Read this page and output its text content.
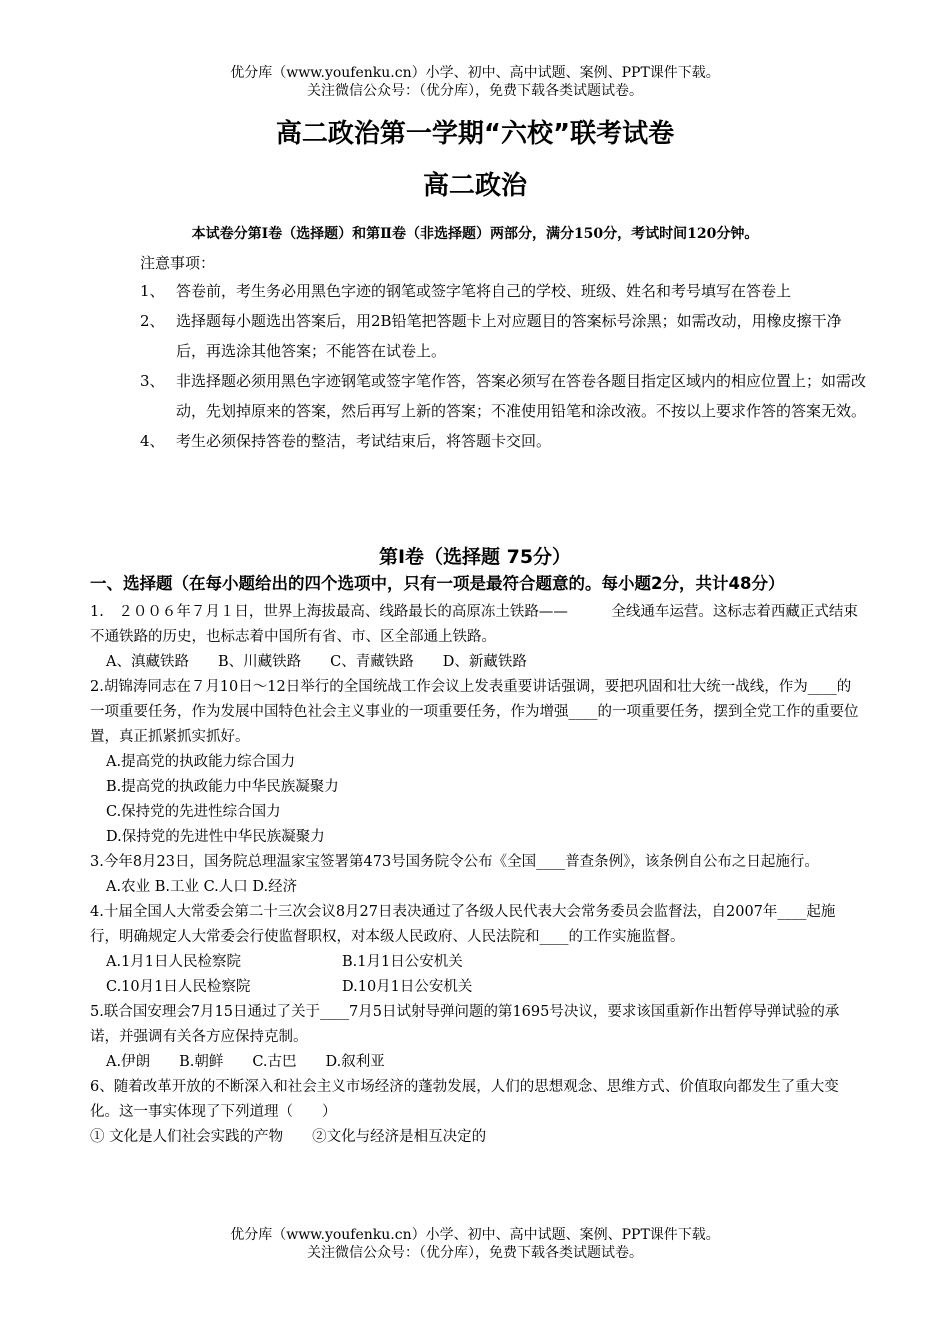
优分库（www.youfenku.cn）小学、初中、高中试题、案例、PPT课件下载。
关注微信公众号：（优分库），免费下载各类试题试卷。
高二政治第一学期“六校”联考试卷
高二政治
本试卷分第Ⅰ卷（选择题）和第Ⅱ卷（非选择题）两部分，满分150分，考试时间120分钟。
注意事项：

1、 答卷前，考生务必用黑色字迹的钢笔或签字笔将自己的学校、班级、姓名和考号填写在答卷上

2、 选择题每小题选出答案后，用2B铅笔把答题卡上对应题目的答案标号涂黑；如需改动，用橡皮擦干净后，再选涂其他答案；不能答在试卷上。

3、 非选择题必须用黑色字迹钢笔或签字笔作答，答案必须写在答卷各题目指定区域内的相应位置上；如需改动，先划掉原来的答案，然后再写上新的答案；不准使用铅笔和涂改液。不按以上要求作答的答案无效。

4、 考生必须保持答卷的整洁，考试结束后，将答题卡交回。

第Ⅰ卷（选择题 75分）

一、选择题（在每小题给出的四个选项中，只有一项是最符合题意的。每小题2分，共计48分）

1.　２００６年７月１日，世界上海拔最高、线路最长的高原冻土铁路——　　　全线通车运营。这标志着西藏正式结束不通铁路的历史，也标志着中国所有省、市、区全部通上铁路。

A、滇藏铁路　　B、川藏铁路　　C、青藏铁路　　D、新藏铁路

2.胡锦涛同志在７月10日～12日举行的全国统战工作会议上发表重要讲话强调，要把巩固和壮大统一战线，作为____的一项重要任务，作为发展中国特色社会主义事业的一项重要任务，作为增强____的一项重要任务，摆到全党工作的重要位置，真正抓紧抓实抓好。

A.提高党的执政能力综合国力

B.提高党的执政能力中华民族凝聚力

C.保持党的先进性综合国力

D.保持党的先进性中华民族凝聚力

3.今年8月23日，国务院总理温家宝签署第473号国务院令公布《全国____普查条例》，该条例自公布之日起施行。

A.农业 B.工业 C.人口 D.经济

4.十届全国人大常委会第二十三次会议8月27日表决通过了各级人民代表大会常务委员会监督法，自2007年____起施行，明确规定人大常委会行使监督职权，对本级人民政府、人民法院和____的工作实施监督。

A.1月1日人民检察院	B.1月1日公安机关
C.10月1日人民检察院	D.10月1日公安机关

5.联合国安理会7月15日通过了关于____7月5日试射导弹问题的第1695号决议，要求该国重新作出暂停导弹试验的承诺，并强调有关各方应保持克制。

A.伊朗　　B.朝鲜　　C.古巴　　D.叙利亚

6、随着改革开放的不断深入和社会主义市场经济的蓬勃发展，人们的思想观念、思维方式、价值取向都发生了重大变化。这一事实体现了下列道理（　　）

① 文化是人们社会实践的产物　　②文化与经济是相互决定的

优分库（www.youfenku.cn）小学、初中、高中试题、案例、PPT课件下载。
关注微信公众号：（优分库），免费下载各类试题试卷。
